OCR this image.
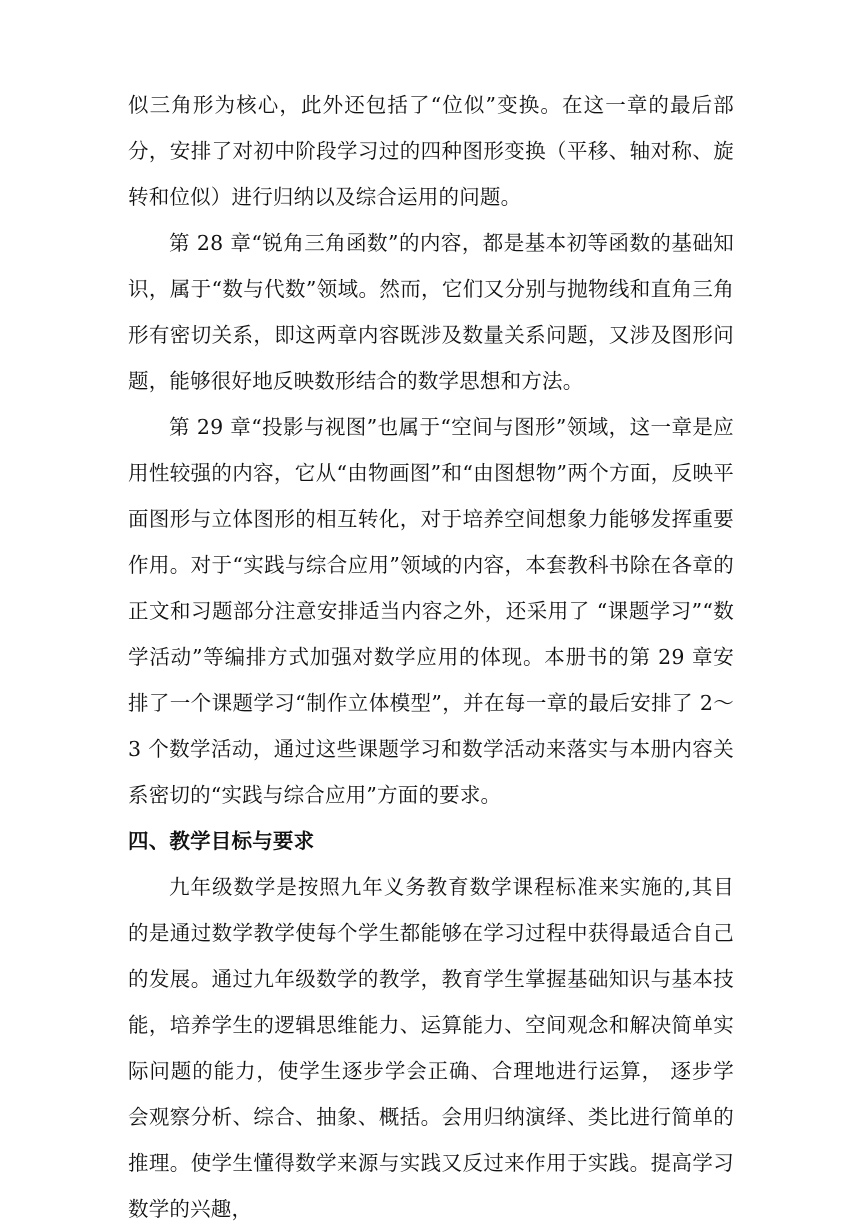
似三角形为核心，此外还包括了“位似”变换。在这一章的最后部分，安排了对初中阶段学习过的四种图形变换（平移、轴对称、旋转和位似）进行归纳以及综合运用的问题。

第 28 章“锐角三角函数”的内容，都是基本初等函数的基础知识，属于“数与代数”领域。然而，它们又分别与抛物线和直角三角形有密切关系，即这两章内容既涉及数量关系问题，又涉及图形问题，能够很好地反映数形结合的数学思想和方法。

第 29 章“投影与视图”也属于“空间与图形”领域，这一章是应用性较强的内容，它从“由物画图”和“由图想物”两个方面，反映平面图形与立体图形的相互转化，对于培养空间想象力能够发挥重要作用。对于“实践与综合应用”领域的内容，本套教科书除在各章的正文和习题部分注意安排适当内容之外，还采用了 “课题学习”“数学活动”等编排方式加强对数学应用的体现。本册书的第 29 章安排了一个课题学习“制作立体模型”，并在每一章的最后安排了 2～3 个数学活动，通过这些课题学习和数学活动来落实与本册内容关系密切的“实践与综合应用”方面的要求。

四、教学目标与要求

九年级数学是按照九年义务教育数学课程标准来实施的,其目的是通过数学教学使每个学生都能够在学习过程中获得最适合自己的发展。通过九年级数学的教学，教育学生掌握基础知识与基本技能，培养学生的逻辑思维能力、运算能力、空间观念和解决简单实际问题的能力，使学生逐步学会正确、合理地进行运算， 逐步学会观察分析、综合、抽象、概括。会用归纳演绎、类比进行简单的推理。使学生懂得数学来源与实践又反过来作用于实践。提高学习数学的兴趣，
